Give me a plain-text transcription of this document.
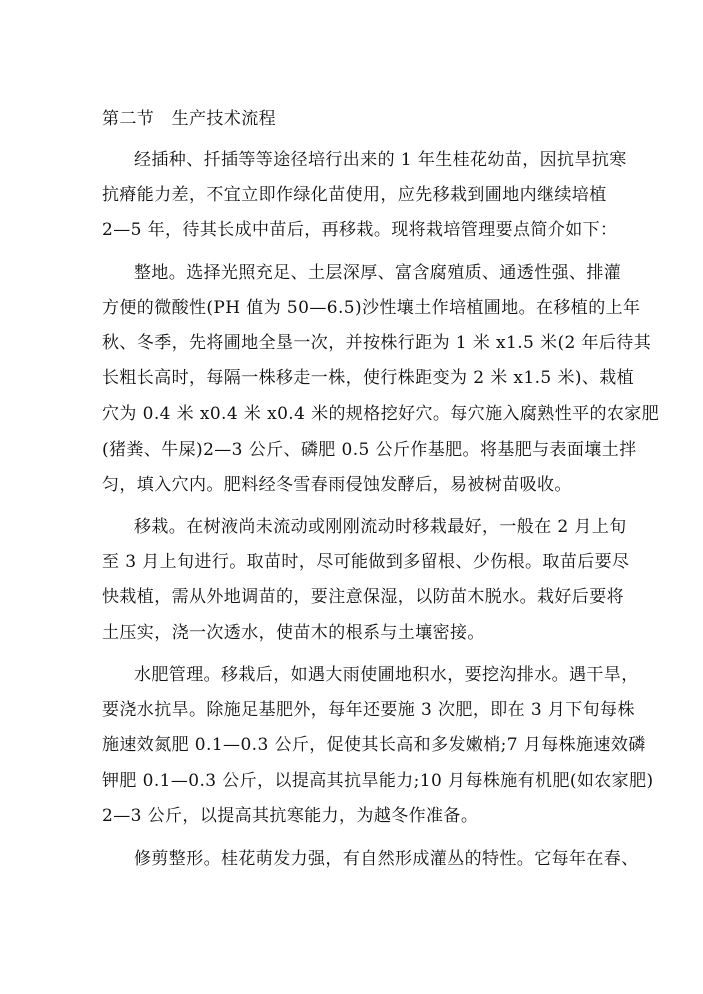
第二节　生产技术流程
经插种、扦插等等途径培行出来的 1 年生桂花幼苗，因抗旱抗寒
抗瘠能力差，不宜立即作绿化苗使用，应先移栽到圃地内继续培植
2—5 年，待其长成中苗后，再移栽。现将栽培管理要点简介如下：
整地。选择光照充足、土层深厚、富含腐殖质、通透性强、排灌
方便的微酸性(PH 值为 50—6.5)沙性壤土作培植圃地。在移植的上年
秋、冬季，先将圃地全垦一次，并按株行距为 1 米 x1.5 米(2 年后待其
长粗长高时，每隔一株移走一株，使行株距变为 2 米 x1.5 米)、栽植
穴为 0.4 米 x0.4 米 x0.4 米的规格挖好穴。每穴施入腐熟性平的农家肥
(猪粪、牛屎)2—3 公斤、磷肥 0.5 公斤作基肥。将基肥与表面壤土拌
匀，填入穴内。肥料经冬雪春雨侵蚀发酵后，易被树苗吸收。
移栽。在树液尚未流动或刚刚流动时移栽最好，一般在 2 月上旬
至 3 月上旬进行。取苗时，尽可能做到多留根、少伤根。取苗后要尽
快栽植，需从外地调苗的，要注意保湿，以防苗木脱水。栽好后要将
土压实，浇一次透水，使苗木的根系与土壤密接。
水肥管理。移栽后，如遇大雨使圃地积水，要挖沟排水。遇干旱，
要浇水抗旱。除施足基肥外，每年还要施 3 次肥，即在 3 月下旬每株
施速效氮肥 0.1—0.3 公斤，促使其长高和多发嫩梢;7 月每株施速效磷
钾肥 0.1—0.3 公斤，以提高其抗旱能力;10 月每株施有机肥(如农家肥)
2—3 公斤，以提高其抗寒能力，为越冬作准备。
修剪整形。桂花萌发力强，有自然形成灌丛的特性。它每年在春、
